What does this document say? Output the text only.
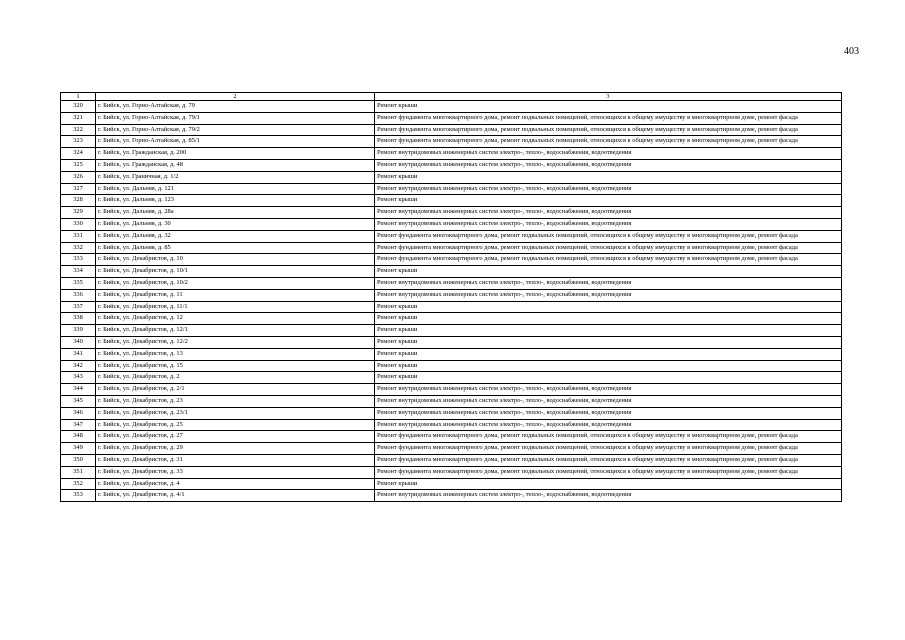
403
1	2	3
320	г. Бийск, ул. Горно-Алтайская, д. 79	Ремонт крыши
321	г. Бийск, ул. Горно-Алтайская, д. 79/1	Ремонт фундамента многоквартирного дома, ремонт подвальных помещений, относящихся к общему имуществу в многоквартирном доме, ремонт фасада
322	г. Бийск, ул. Горно-Алтайская, д. 79/2	Ремонт фундамента многоквартирного дома, ремонт подвальных помещений, относящихся к общему имуществу в многоквартирном доме, ремонт фасада
323	г. Бийск, ул. Горно-Алтайская, д. 85/1	Ремонт фундамента многоквартирного дома, ремонт подвальных помещений, относящихся к общему имуществу в многоквартирном доме, ремонт фасада
324	г. Бийск, ул. Гражданская, д. 200	Ремонт внутридомовых инженерных систем электро-, тепло-, водоснабжения, водоотведения
325	г. Бийск, ул. Гражданская, д. 48	Ремонт внутридомовых инженерных систем электро-, тепло-, водоснабжения, водоотведения
326	г. Бийск, ул. Граничная, д. 1/2	Ремонт крыши
327	г. Бийск, ул. Дальняя, д. 121	Ремонт внутридомовых инженерных систем электро-, тепло-, водоснабжения, водоотведения
328	г. Бийск, ул. Дальняя, д. 123	Ремонт крыши
329	г. Бийск, ул. Дальняя, д. 28а	Ремонт внутридомовых инженерных систем электро-, тепло-, водоснабжения, водоотведения
330	г. Бийск, ул. Дальняя, д. 30	Ремонт внутридомовых инженерных систем электро-, тепло-, водоснабжения, водоотведения
331	г. Бийск, ул. Дальняя, д. 32	Ремонт фундамента многоквартирного дома, ремонт подвальных помещений, относящихся к общему имуществу в многоквартирном доме, ремонт фасада
332	г. Бийск, ул. Дальняя, д. 85	Ремонт фундамента многоквартирного дома, ремонт подвальных помещений, относящихся к общему имуществу в многоквартирном доме, ремонт фасада
333	г. Бийск, ул. Декабристов, д. 10	Ремонт фундамента многоквартирного дома, ремонт подвальных помещений, относящихся к общему имуществу в многоквартирном доме, ремонт фасада
334	г. Бийск, ул. Декабристов, д. 10/1	Ремонт крыши
335	г. Бийск, ул. Декабристов, д. 10/2	Ремонт внутридомовых инженерных систем электро-, тепло-, водоснабжения, водоотведения
336	г. Бийск, ул. Декабристов, д. 11	Ремонт внутридомовых инженерных систем электро-, тепло-, водоснабжения, водоотведения
337	г. Бийск, ул. Декабристов, д. 11/1	Ремонт крыши
338	г. Бийск, ул. Декабристов, д. 12	Ремонт крыши
339	г. Бийск, ул. Декабристов, д. 12/1	Ремонт крыши
340	г. Бийск, ул. Декабристов, д. 12/2	Ремонт крыши
341	г. Бийск, ул. Декабристов, д. 13	Ремонт крыши
342	г. Бийск, ул. Декабристов, д. 15	Ремонт крыши
343	г. Бийск, ул. Декабристов, д. 2	Ремонт крыши
344	г. Бийск, ул. Декабристов, д. 2/1	Ремонт внутридомовых инженерных систем электро-, тепло-, водоснабжения, водоотведения
345	г. Бийск, ул. Декабристов, д. 23	Ремонт внутридомовых инженерных систем электро-, тепло-, водоснабжения, водоотведения
346	г. Бийск, ул. Декабристов, д. 23/1	Ремонт внутридомовых инженерных систем электро-, тепло-, водоснабжения, водоотведения
347	г. Бийск, ул. Декабристов, д. 25	Ремонт внутридомовых инженерных систем электро-, тепло-, водоснабжения, водоотведения
348	г. Бийск, ул. Декабристов, д. 27	Ремонт фундамента многоквартирного дома, ремонт подвальных помещений, относящихся к общему имуществу в многоквартирном доме, ремонт фасада
349	г. Бийск, ул. Декабристов, д. 29	Ремонт фундамента многоквартирного дома, ремонт подвальных помещений, относящихся к общему имуществу в многоквартирном доме, ремонт фасада
350	г. Бийск, ул. Декабристов, д. 31	Ремонт фундамента многоквартирного дома, ремонт подвальных помещений, относящихся к общему имуществу в многоквартирном доме, ремонт фасада
351	г. Бийск, ул. Декабристов, д. 33	Ремонт фундамента многоквартирного дома, ремонт подвальных помещений, относящихся к общему имуществу в многоквартирном доме, ремонт фасада
352	г. Бийск, ул. Декабристов, д. 4	Ремонт крыши
353	г. Бийск, ул. Декабристов, д. 4/1	Ремонт внутридомовых инженерных систем электро-, тепло-, водоснабжения, водоотведения
